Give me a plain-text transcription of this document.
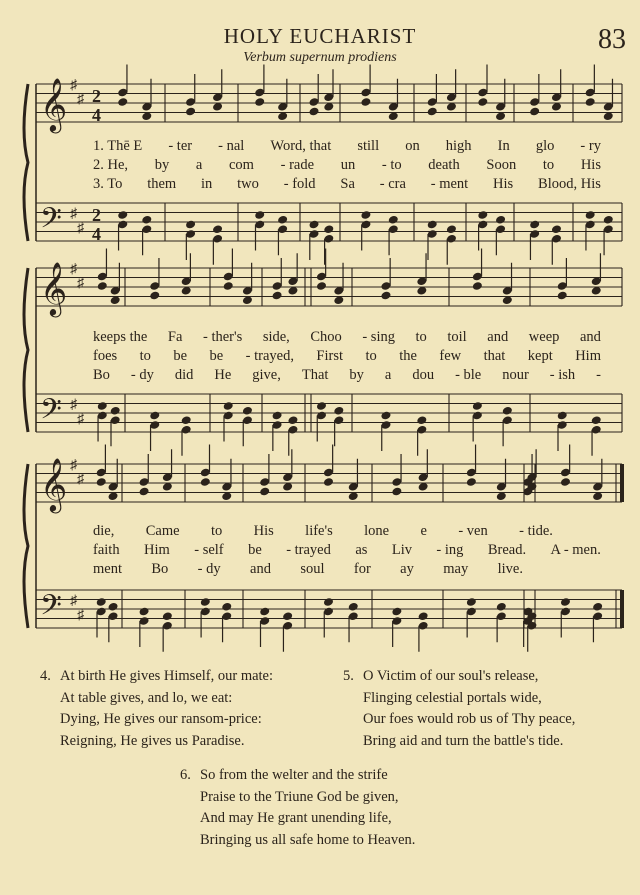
HOLY EUCHARIST
Verbum supernum prodiens
83
𝄞
𝄢
♯
♯
♯
♯
2
4
2
4
𝄞
𝄢
♯
♯
♯
♯
𝄞
𝄢
♯
♯
♯
♯
1. Thē E - ter - nal Word, that still on high In glo - ry
2. He, by a com - rade un - to death Soon to His
3. To them in two - fold Sa - cra - ment His Blood, His
keeps the Fa - ther's side, Choo - sing to toil and weep and
foes to be be - trayed, First to the few that kept Him
Bo - dy did He give, That by a dou - ble nour - ish -
die, Came to His life's lone e - ven - tide.
faith Him - self be - trayed as Liv - ing Bread. A - men.
ment Bo - dy and soul for ay may live.
4. At birth He gives Himself, our mate:
At table gives, and lo, we eat:
Dying, He gives our ransom-price:
Reigning, He gives us Paradise.
5. O Victim of our soul's release,
Flinging celestial portals wide,
Our foes would rob us of Thy peace,
Bring aid and turn the battle's tide.
6. So from the welter and the strife
Praise to the Triune God be given,
And may He grant unending life,
Bringing us all safe home to Heaven.
